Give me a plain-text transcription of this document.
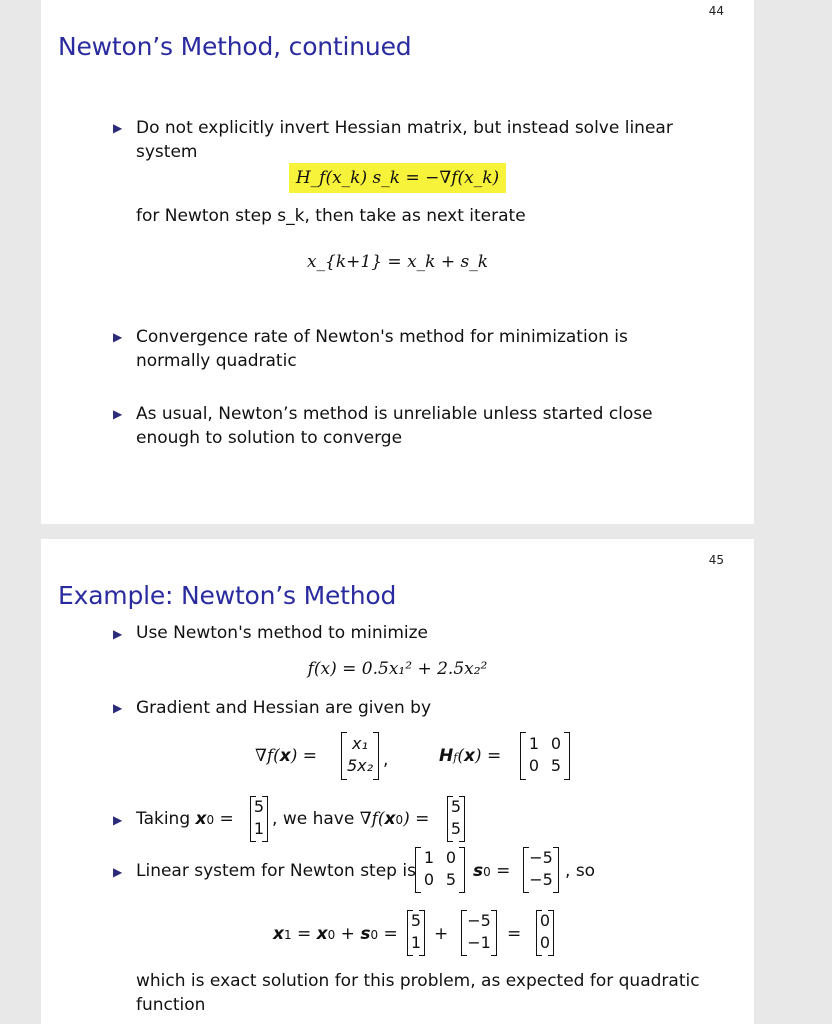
44
Newton’s Method, continued
▶ Do not explicitly invert Hessian matrix, but instead solve linear system
H_f(x_k) s_k = −∇f(x_k)
for Newton step s_k, then take as next iterate
x_{k+1} = x_k + s_k
▶ Convergence rate of Newton's method for minimization is normally quadratic
▶ As usual, Newton’s method is unreliable unless started close enough to solution to converge
45
Example: Newton’s Method
▶ Use Newton's method to minimize
f(x) = 0.5x₁² + 2.5x₂²
▶ Gradient and Hessian are given by
∇f(x) =
x₁
5x₂ ,	Hf(x) =
1 0
0 5
▶ Taking x0 =
5
1 , we have ∇f(x0) =
5
5
▶ Linear system for Newton step is
1 0
0 5 s0 =
−5
−5 , so
x1 = x0 + s0 =
5
1 +
−5
−1 =
0
0
which is exact solution for this problem, as expected for quadratic function
